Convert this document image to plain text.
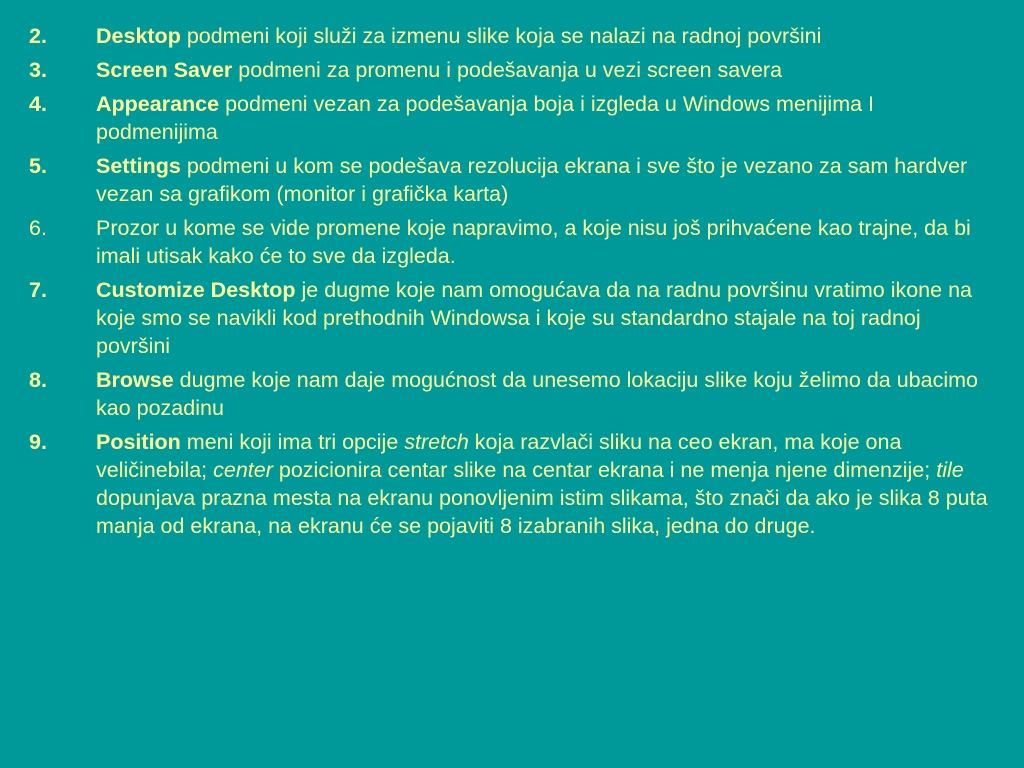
2. Desktop podmeni koji služi za izmenu slike koja se nalazi na radnoj površini
3. Screen Saver podmeni za promenu i podešavanja u vezi screen savera
4. Appearance podmeni vezan za podešavanja boja i izgleda u Windows menijima I podmenijima
5. Settings podmeni u kom se podešava rezolucija ekrana i sve što je vezano za sam hardver vezan sa grafikom (monitor i grafička karta)
6. Prozor u kome se vide promene koje napravimo, a koje nisu još prihvaćene kao trajne, da bi imali utisak kako će to sve da izgleda.
7. Customize Desktop je dugme koje nam omogućava da na radnu površinu vratimo ikone na koje smo se navikli kod prethodnih Windowsa i koje su standardno stajale na toj radnoj površini
8. Browse dugme koje nam daje mogućnost da unesemo lokaciju slike koju želimo da ubacimo kao pozadinu
9. Position meni koji ima tri opcije stretch koja razvlači sliku na ceo ekran, ma koje ona veličinebila; center pozicionira centar slike na centar ekrana i ne menja njene dimenzije; tile dopunjava prazna mesta na ekranu ponovljenim istim slikama, što znači da ako je slika 8 puta manja od ekrana, na ekranu će se pojaviti 8 izabranih slika, jedna do druge.
